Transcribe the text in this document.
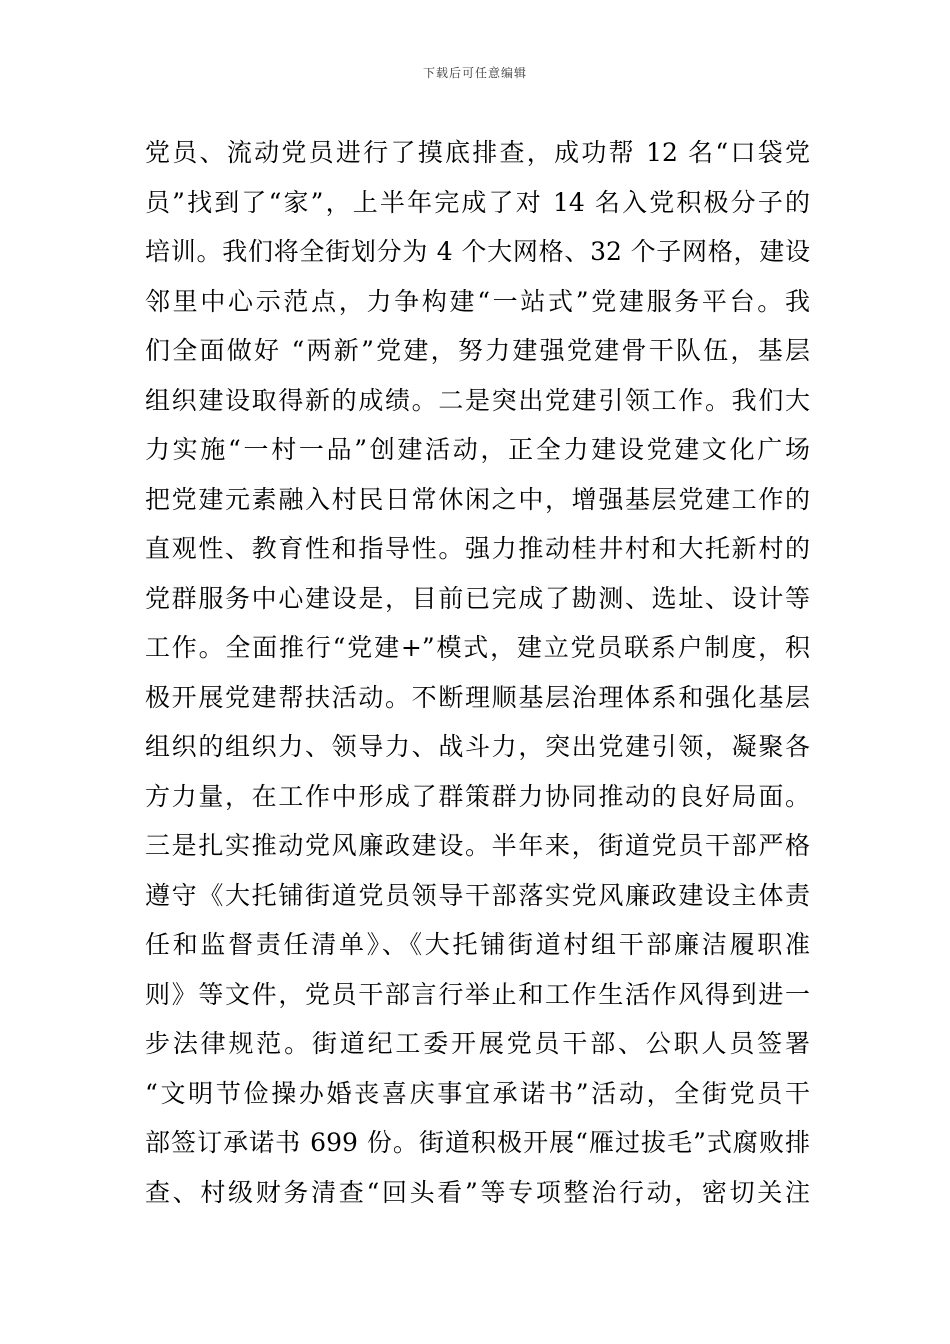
下载后可任意编辑
党员、流动党员进行了摸底排查，成功帮 12 名“口袋党
员”找到了“家”，上半年完成了对 14 名入党积极分子的
培训。我们将全街划分为 4 个大网格、32 个子网格，建设
邻里中心示范点，力争构建“一站式”党建服务平台。我
们全面做好 “两新”党建，努力建强党建骨干队伍，基层
组织建设取得新的成绩。二是突出党建引领工作。我们大
力实施“一村一品”创建活动，正全力建设党建文化广场
把党建元素融入村民日常休闲之中，增强基层党建工作的
直观性、教育性和指导性。强力推动桂井村和大托新村的
党群服务中心建设是，目前已完成了勘测、选址、设计等
工作。全面推行“党建+”模式，建立党员联系户制度，积
极开展党建帮扶活动。不断理顺基层治理体系和强化基层
组织的组织力、领导力、战斗力，突出党建引领，凝聚各
方力量，在工作中形成了群策群力协同推动的良好局面。
三是扎实推动党风廉政建设。半年来，街道党员干部严格
遵守《大托铺街道党员领导干部落实党风廉政建设主体责
任和监督责任清单》、《大托铺街道村组干部廉洁履职准
则》等文件，党员干部言行举止和工作生活作风得到进一
步法律规范。街道纪工委开展党员干部、公职人员签署
“文明节俭操办婚丧喜庆事宜承诺书”活动，全街党员干
部签订承诺书 699 份。街道积极开展“雁过拔毛”式腐败排
查、村级财务清查“回头看”等专项整治行动，密切关注
